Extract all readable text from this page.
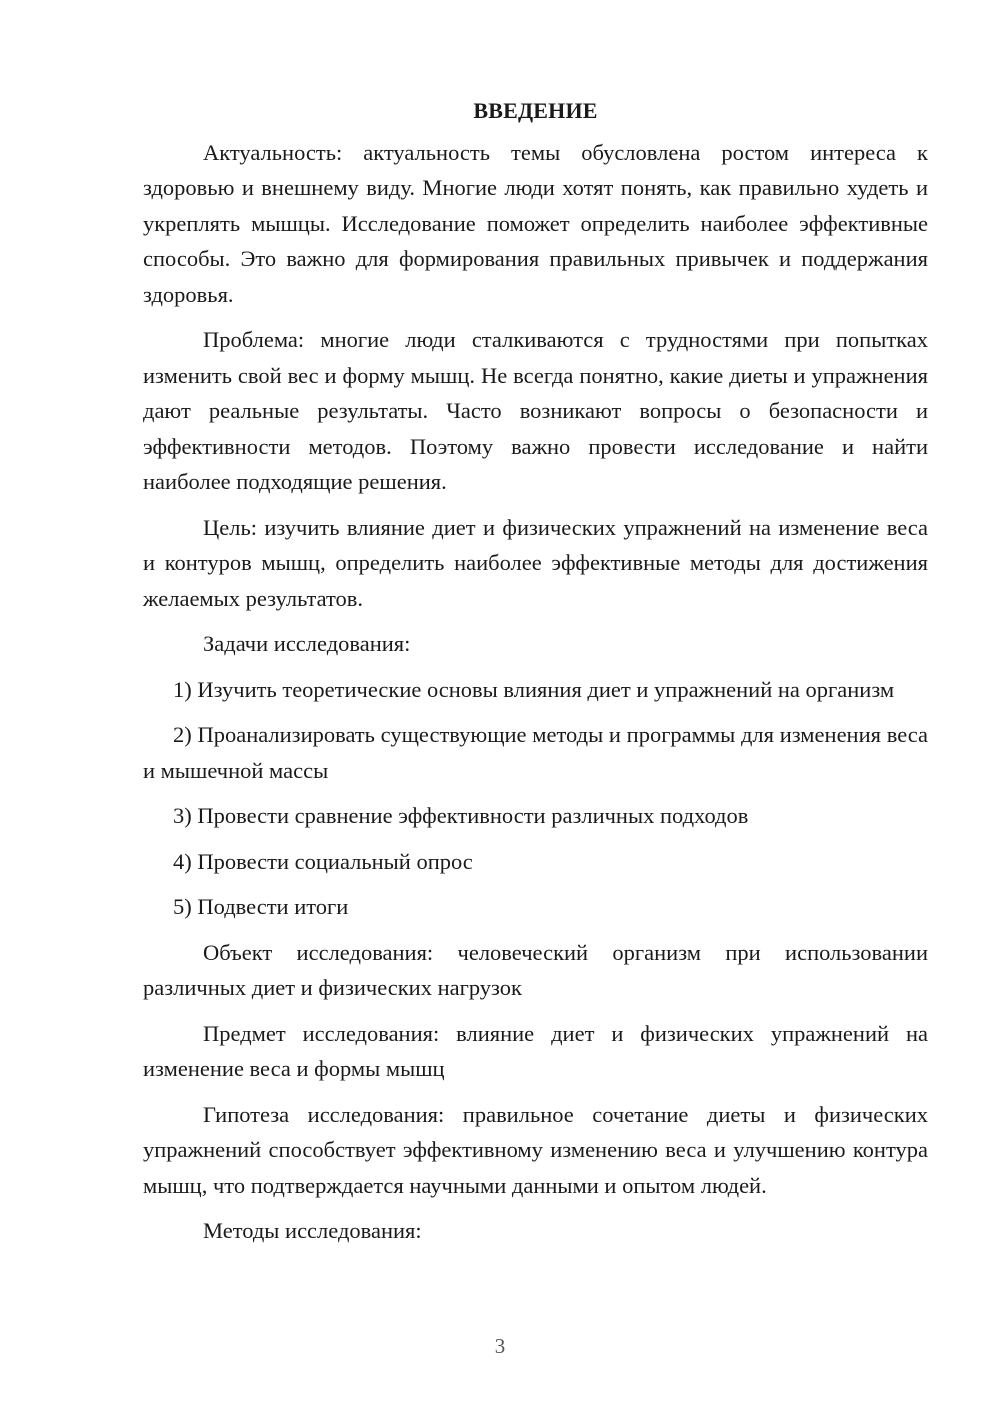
ВВЕДЕНИЕ

Актуальность: актуальность темы обусловлена ростом интереса к здоровью и внешнему виду. Многие люди хотят понять, как правильно худеть и укреплять мышцы. Исследование поможет определить наиболее эффективные способы. Это важно для формирования правильных привычек и поддержания здоровья.

Проблема: многие люди сталкиваются с трудностями при попытках изменить свой вес и форму мышц. Не всегда понятно, какие диеты и упражнения дают реальные результаты. Часто возникают вопросы о безопасности и эффективности методов. Поэтому важно провести исследование и найти наиболее подходящие решения.

Цель: изучить влияние диет и физических упражнений на изменение веса и контуров мышц, определить наиболее эффективные методы для достижения желаемых результатов.

Задачи исследования:

1) Изучить теоретические основы влияния диет и упражнений на организм

2) Проанализировать существующие методы и программы для изменения веса и мышечной массы

3) Провести сравнение эффективности различных подходов

4) Провести социальный опрос

5) Подвести итоги

Объект исследования: человеческий организм при использовании различных диет и физических нагрузок

Предмет исследования: влияние диет и физических упражнений на изменение веса и формы мышц

Гипотеза исследования: правильное сочетание диеты и физических упражнений способствует эффективному изменению веса и улучшению контура мышц, что подтверждается научными данными и опытом людей.

Методы исследования:

3
